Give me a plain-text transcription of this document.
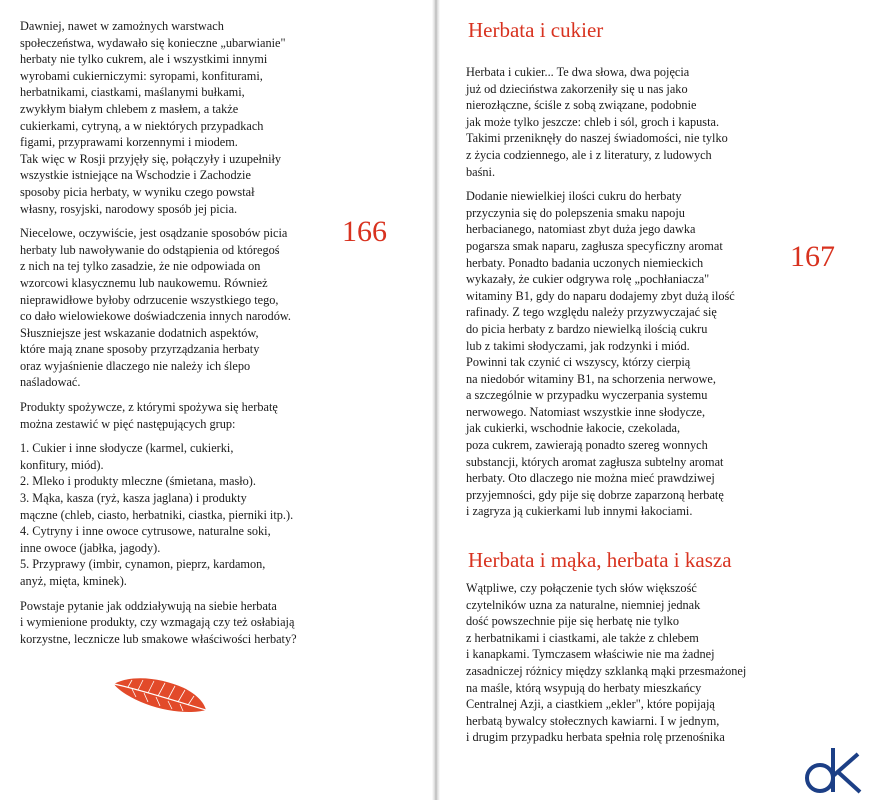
Dawniej, nawet w zamożnych warstwach
społeczeństwa, wydawało się konieczne „ubarwianie"
herbaty nie tylko cukrem, ale i wszystkimi innymi
wyrobami cukierniczymi: syropami, konfiturami,
herbatnikami, ciastkami, maślanymi bułkami,
zwykłym białym chlebem z masłem, a także
cukierkami, cytryną, a w niektórych przypadkach
figami, przyprawami korzennymi i miodem.
Tak więc w Rosji przyjęły się, połączyły i uzupełniły
wszystkie istniejące na Wschodzie i Zachodzie
sposoby picia herbaty, w wyniku czego powstał
własny, rosyjski, narodowy sposób jej picia.

Niecelowe, oczywiście, jest osądzanie sposobów picia
herbaty lub nawoływanie do odstąpienia od któregoś
z nich na tej tylko zasadzie, że nie odpowiada on
wzorcowi klasycznemu lub naukowemu. Również
nieprawidłowe byłoby odrzucenie wszystkiego tego,
co dało wielowiekowe doświadczenia innych narodów.
Słuszniejsze jest wskazanie dodatnich aspektów,
które mają znane sposoby przyrządzania herbaty
oraz wyjaśnienie dlaczego nie należy ich ślepo
naśladować.

Produkty spożywcze, z którymi spożywa się herbatę
można zestawić w pięć następujących grup:

1. Cukier i inne słodycze (karmel, cukierki,
konfitury, miód).
2. Mleko i produkty mleczne (śmietana, masło).
3. Mąka, kasza (ryż, kasza jaglana) i produkty
mączne (chleb, ciasto, herbatniki, ciastka, pierniki itp.).
4. Cytryny i inne owoce cytrusowe, naturalne soki,
inne owoce (jabłka, jagody).
5. Przyprawy (imbir, cynamon, pieprz, kardamon,
anyż, mięta, kminek).

Powstaje pytanie jak oddziaływują na siebie herbata
i wymienione produkty, czy wzmagają czy też osłabiają
korzystne, lecznicze lub smakowe właściwości herbaty?

166
Herbata i cukier

Herbata i cukier... Te dwa słowa, dwa pojęcia
już od dzieciństwa zakorzeniły się u nas jako
nierozłączne, ściśle z sobą związane, podobnie
jak może tylko jeszcze: chleb i sól, groch i kapusta.
Takimi przeniknęły do naszej świadomości, nie tylko
z życia codziennego, ale i z literatury, z ludowych
baśni.

Dodanie niewielkiej ilości cukru do herbaty
przyczynia się do polepszenia smaku napoju
herbacianego, natomiast zbyt duża jego dawka
pogarsza smak naparu, zagłusza specyficzny aromat
herbaty. Ponadto badania uczonych niemieckich
wykazały, że cukier odgrywa rolę „pochłaniacza"
witaminy B1, gdy do naparu dodajemy zbyt dużą ilość
rafinady. Z tego względu należy przyzwyczajać się
do picia herbaty z bardzo niewielką ilością cukru
lub z takimi słodyczami, jak rodzynki i miód.
Powinni tak czynić ci wszyscy, którzy cierpią
na niedobór witaminy B1, na schorzenia nerwowe,
a szczególnie w przypadku wyczerpania systemu
nerwowego. Natomiast wszystkie inne słodycze,
jak cukierki, wschodnie łakocie, czekolada,
poza cukrem, zawierają ponadto szereg wonnych
substancji, których aromat zagłusza subtelny aromat
herbaty. Oto dlaczego nie można mieć prawdziwej
przyjemności, gdy pije się dobrze zaparzoną herbatę
i zagryza ją cukierkami lub innymi łakociami.

167
Herbata i mąka, herbata i kasza

Wątpliwe, czy połączenie tych słów większość
czytelników uzna za naturalne, niemniej jednak
dość powszechnie pije się herbatę nie tylko
z herbatnikami i ciastkami, ale także z chlebem
i kanapkami. Tymczasem właściwie nie ma żadnej
zasadniczej różnicy między szklanką mąki przesmażonej
na maśle, którą wsypują do herbaty mieszkańcy
Centralnej Azji, a ciastkiem „ekler", które popijają
herbatą bywalcy stołecznych kawiarni. I w jednym,
i drugim przypadku herbata spełnia rolę przenośnika
